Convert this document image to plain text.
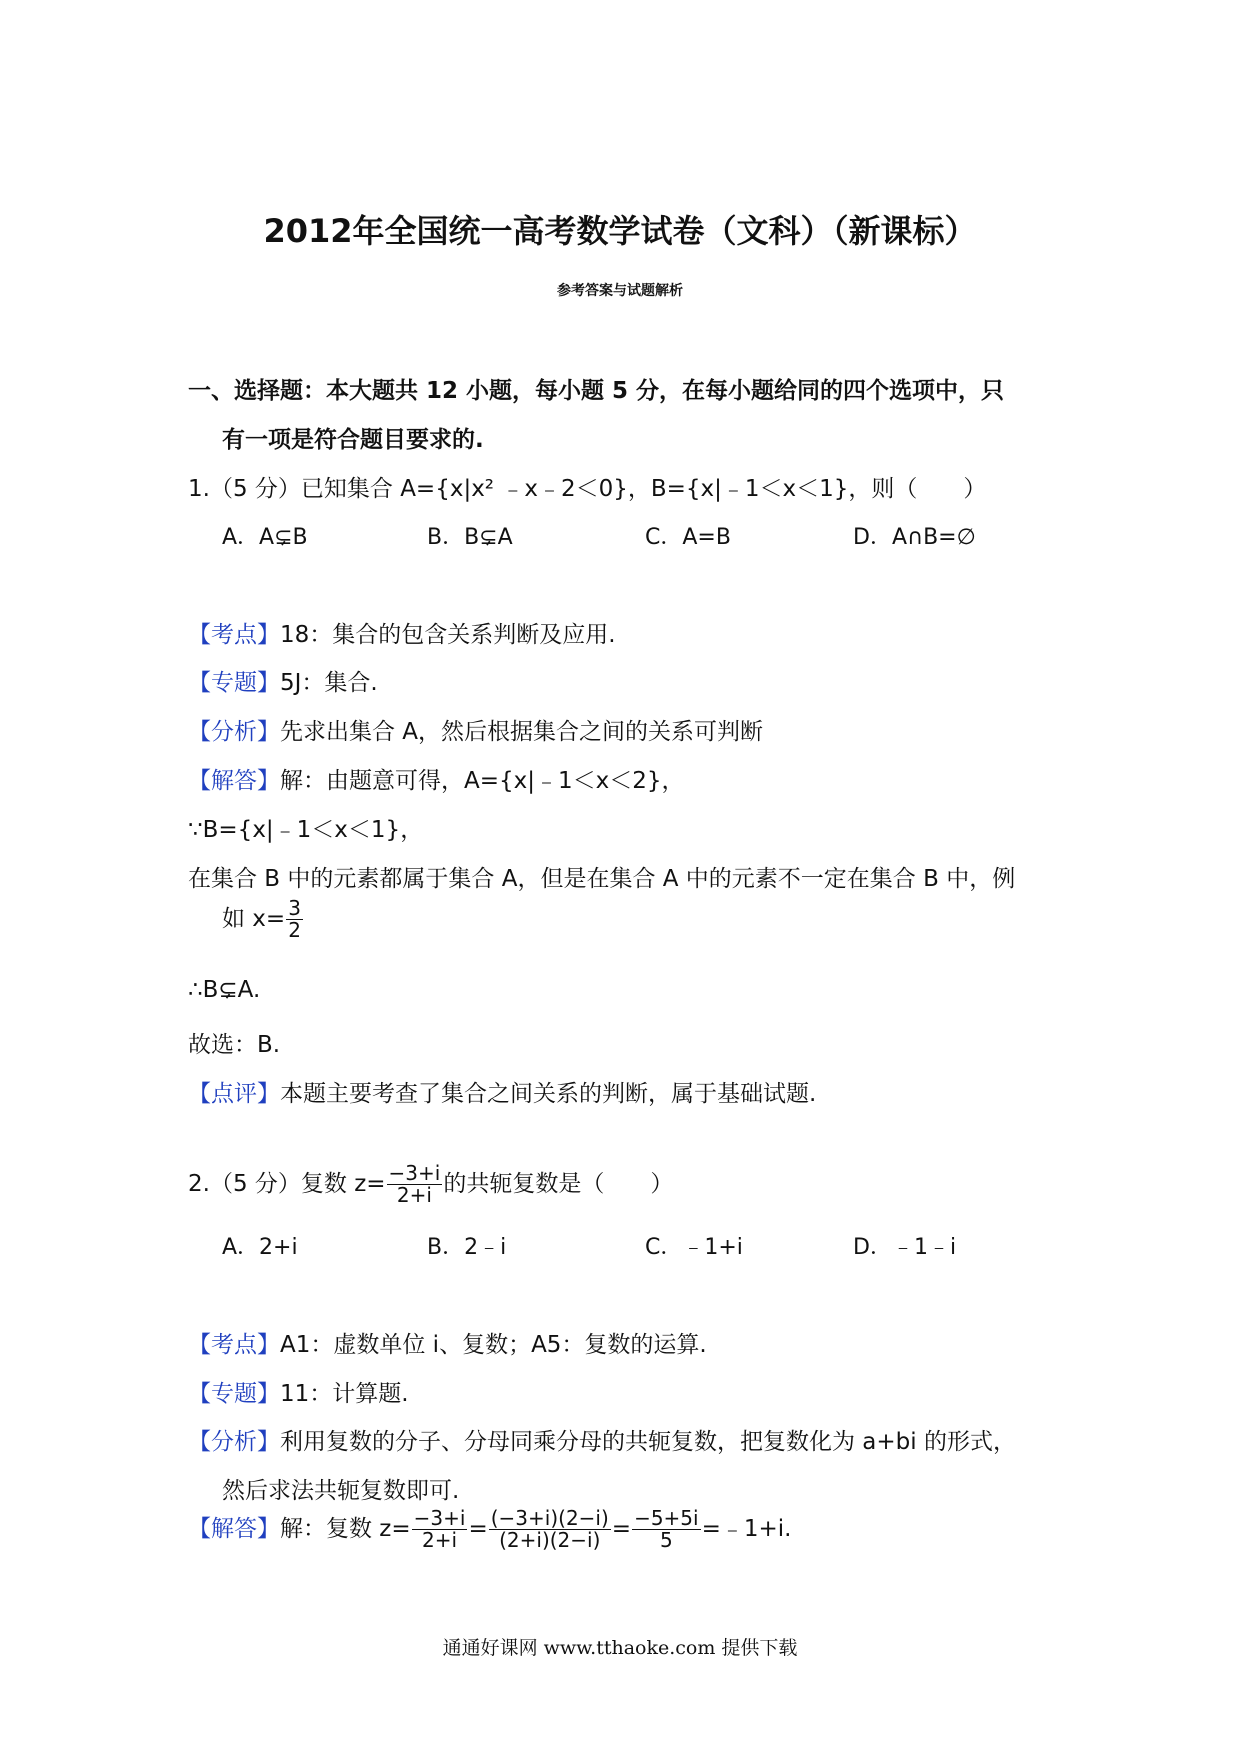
2012年全国统一高考数学试卷（文科）（新课标）
参考答案与试题解析
一、选择题：本大题共 12 小题，每小题 5 分，在每小题给同的四个选项中，只
有一项是符合题目要求的.
1.（5 分）已知集合 A={x|x² ﹣x﹣2＜0}，B={x|﹣1＜x＜1}，则（　　）
A．A⊊B	B．B⊊A	C．A=B	D．A∩B=∅
【考点】18：集合的包含关系判断及应用.
【专题】5J：集合.
【分析】先求出集合 A，然后根据集合之间的关系可判断
【解答】解：由题意可得，A={x|﹣1＜x＜2}，
∵B={x|﹣1＜x＜1}，
在集合 B 中的元素都属于集合 A，但是在集合 A 中的元素不一定在集合 B 中，例
如 $x= \frac{3}{2}$
∴B⊊A.
故选：B.
【点评】本题主要考查了集合之间关系的判断，属于基础试题.
2.（5 分）复数 $z= \frac{-3+i}{2+i}$ 的共轭复数是（　　）
A．2+i	B．2﹣i	C．﹣1+i	D．﹣1﹣i
【考点】A1：虚数单位 i、复数；A5：复数的运算.
【专题】11：计算题.
【分析】利用复数的分子、分母同乘分母的共轭复数，把复数化为 a+bi 的形式，
然后求法共轭复数即可.
【解答】解：复数 $z= \frac{-3+i}{2+i} = \frac{(-3+i)(2-i)}{(2+i)(2-i)} = \frac{-5+5i}{5}$ =﹣1+i.
通通好课网 www.tthaoke.com 提供下载
